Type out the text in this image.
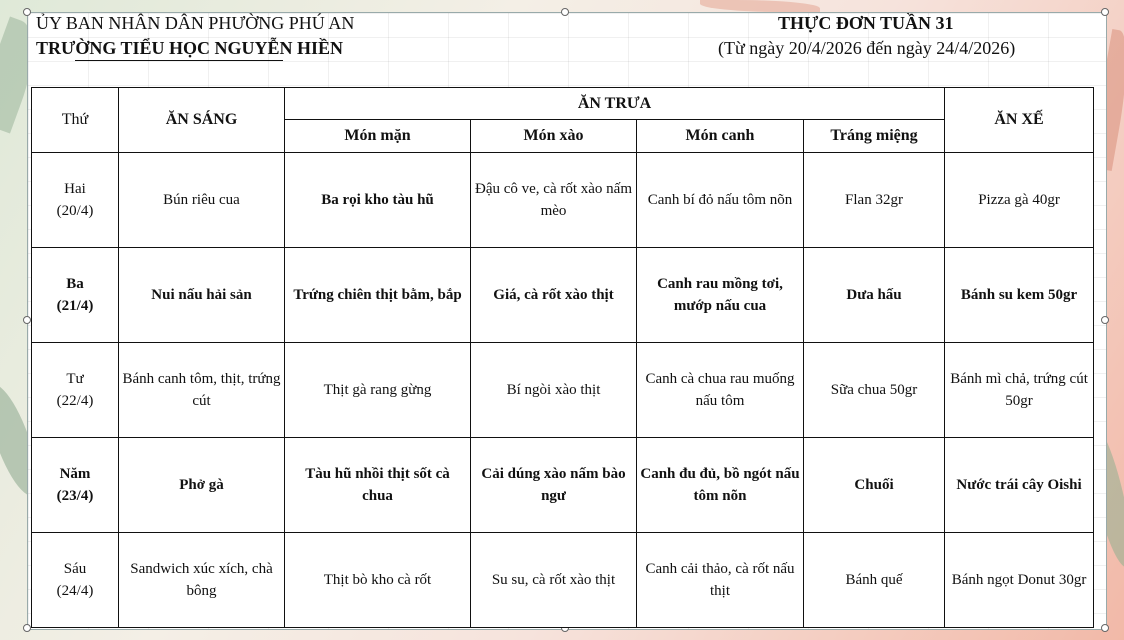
ỦY BAN NHÂN DÂN PHƯỜNG PHÚ AN
TRƯỜNG TIỂU HỌC NGUYỄN HIỀN
THỰC ĐƠN TUẦN 31
(Từ ngày 20/4/2026 đến ngày 24/4/2026)
Thứ	ĂN SÁNG	ĂN TRƯA				ĂN XẾ
		Món mặn	Món xào	Món canh	Tráng miệng	
Hai
(20/4)	Bún riêu cua	Ba rọi kho tàu hũ	Đậu cô ve, cà rốt xào nấm mèo	Canh bí đỏ nấu tôm nõn	Flan 32gr	Pizza gà 40gr
Ba
(21/4)	Nui nấu hải sản	Trứng chiên thịt bằm, bắp	Giá, cà rốt xào thịt	Canh rau mồng tơi, mướp nấu cua	Dưa hấu	Bánh su kem 50gr
Tư
(22/4)	Bánh canh tôm, thịt, trứng cút	Thịt gà rang gừng	Bí ngòi xào thịt	Canh cà chua rau muống nấu tôm	Sữa chua 50gr	Bánh mì chả, trứng cút 50gr
Năm
(23/4)	Phở gà	Tàu hũ nhồi thịt sốt cà chua	Cải dúng xào nấm bào ngư	Canh đu đủ, bồ ngót nấu tôm nõn	Chuối	Nước trái cây Oishi
Sáu
(24/4)	Sandwich xúc xích, chà bông	Thịt bò kho cà rốt	Su su, cà rốt xào thịt	Canh cải thảo, cà rốt nấu thịt	Bánh quế	Bánh ngọt Donut 30gr
